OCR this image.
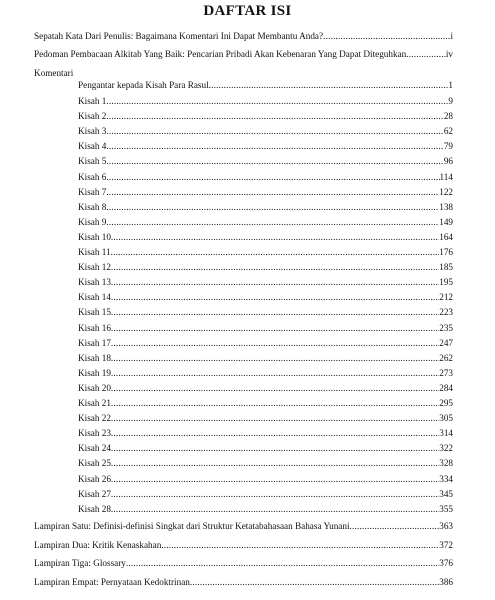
DAFTAR ISI
Sepatah Kata Dari Penulis: Bagaimana Komentari Ini Dapat Membantu Anda? .....	i
Pedoman Pembacaan Alkitab Yang Baik: Pencarian Pribadi Akan Kebenaran Yang Dapat Diteguhkan .....	iv
Komentari
Pengantar kepada Kisah Para Rasul .....	1
Kisah 1 .....	9
Kisah 2 .....	28
Kisah 3 .....	62
Kisah 4 .....	79
Kisah 5 .....	96
Kisah 6 .....	114
Kisah 7 .....	122
Kisah 8 .....	138
Kisah 9 .....	149
Kisah 10 .....	164
Kisah 11 .....	176
Kisah 12 .....	185
Kisah 13 .....	195
Kisah 14 .....	212
Kisah 15 .....	223
Kisah 16 .....	235
Kisah 17 .....	247
Kisah 18 .....	262
Kisah 19 .....	273
Kisah 20 .....	284
Kisah 21 .....	295
Kisah 22 .....	305
Kisah 23 .....	314
Kisah 24 .....	322
Kisah 25 .....	328
Kisah 26 .....	334
Kisah 27 .....	345
Kisah 28 .....	355
Lampiran Satu: Definisi-definisi Singkat dari Struktur Ketatabahasaan Bahasa Yunani .....	363
Lampiran Dua: Kritik Kenaskahan .....	372
Lampiran Tiga: Glossary .....	376
Lampiran Empat: Pernyataan Kedoktrinan .....	386
